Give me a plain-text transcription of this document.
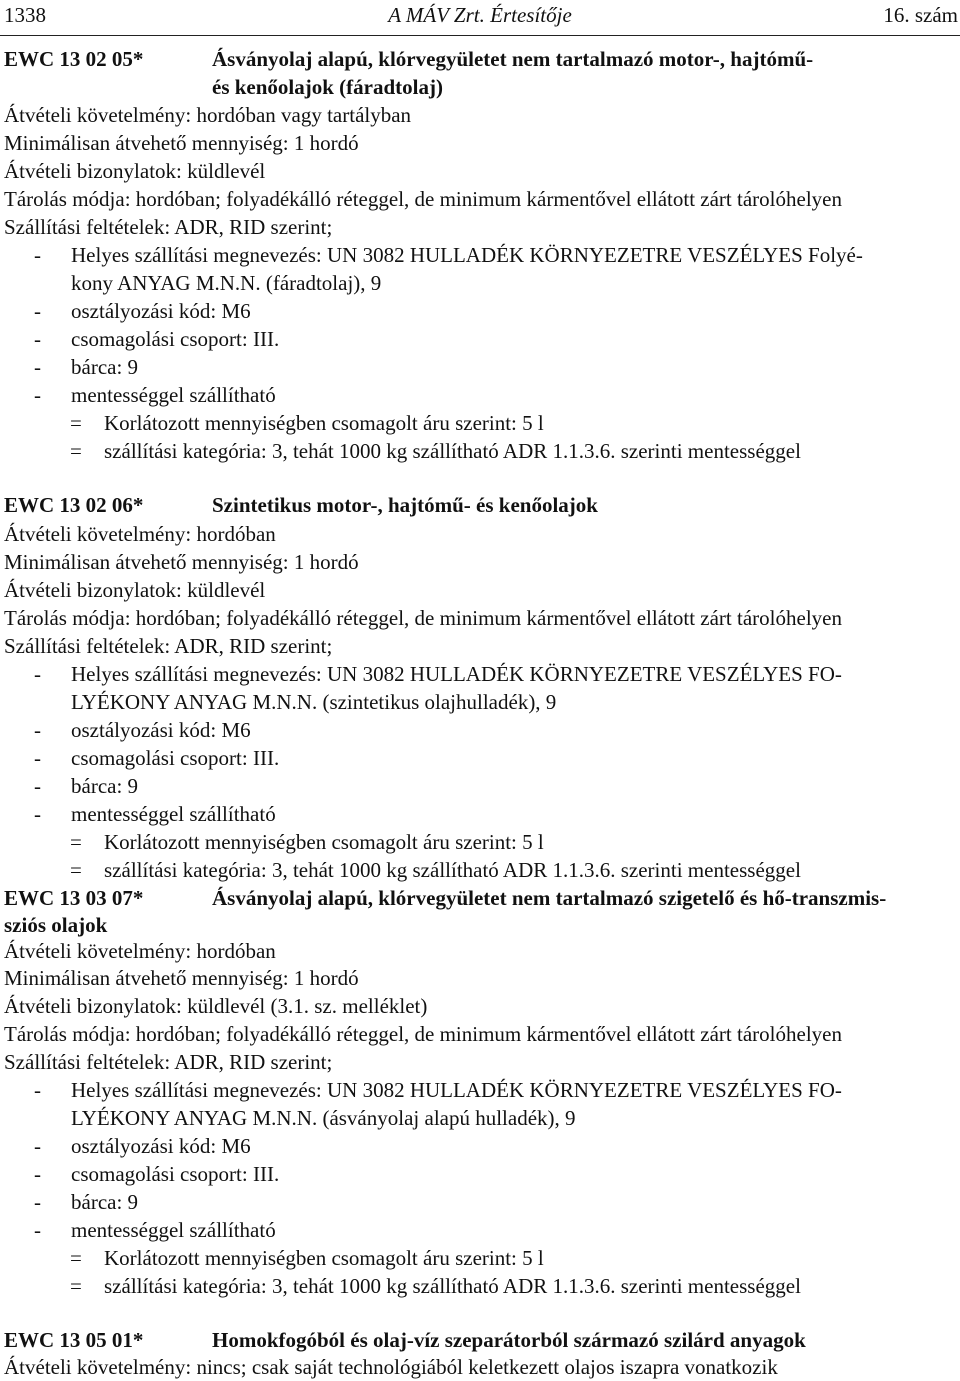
1338	A MÁV Zrt. Értesítője	16. szám
EWC 13 02 05*	Ásványolaj alapú, klórvegyületet nem tartalmazó motor-, hajtómű-
és kenőolajok (fáradtolaj)
Átvételi követelmény: hordóban vagy tartályban
Minimálisan átvehető mennyiség: 1 hordó
Átvételi bizonylatok: küldlevél
Tárolás módja: hordóban; folyadékálló réteggel, de minimum kármentővel ellátott zárt tárolóhelyen
Szállítási feltételek: ADR, RID szerint;
- Helyes szállítási megnevezés: UN 3082 HULLADÉK KÖRNYEZETRE VESZÉLYES Folyé-
kony ANYAG M.N.N. (fáradtolaj), 9
- osztályozási kód: M6
- csomagolási csoport: III.
- bárca: 9
- mentességgel szállítható
= Korlátozott mennyiségben csomagolt áru szerint: 5 l
= szállítási kategória: 3, tehát 1000 kg szállítható ADR 1.1.3.6. szerinti mentességgel
EWC 13 02 06*	Szintetikus motor-, hajtómű- és kenőolajok
Átvételi követelmény: hordóban
Minimálisan átvehető mennyiség: 1 hordó
Átvételi bizonylatok: küldlevél
Tárolás módja: hordóban; folyadékálló réteggel, de minimum kármentővel ellátott zárt tárolóhelyen
Szállítási feltételek: ADR, RID szerint;
- Helyes szállítási megnevezés: UN 3082 HULLADÉK KÖRNYEZETRE VESZÉLYES FO-
LYÉKONY ANYAG M.N.N. (szintetikus olajhulladék), 9
- osztályozási kód: M6
- csomagolási csoport: III.
- bárca: 9
- mentességgel szállítható
= Korlátozott mennyiségben csomagolt áru szerint: 5 l
= szállítási kategória: 3, tehát 1000 kg szállítható ADR 1.1.3.6. szerinti mentességgel
EWC 13 03 07*	Ásványolaj alapú, klórvegyületet nem tartalmazó szigetelő és hő-transzmis-
sziós olajok
Átvételi követelmény: hordóban
Minimálisan átvehető mennyiség: 1 hordó
Átvételi bizonylatok: küldlevél (3.1. sz. melléklet)
Tárolás módja: hordóban; folyadékálló réteggel, de minimum kármentővel ellátott zárt tárolóhelyen
Szállítási feltételek: ADR, RID szerint;
- Helyes szállítási megnevezés: UN 3082 HULLADÉK KÖRNYEZETRE VESZÉLYES FO-
LYÉKONY ANYAG M.N.N. (ásványolaj alapú hulladék), 9
- osztályozási kód: M6
- csomagolási csoport: III.
- bárca: 9
- mentességgel szállítható
= Korlátozott mennyiségben csomagolt áru szerint: 5 l
= szállítási kategória: 3, tehát 1000 kg szállítható ADR 1.1.3.6. szerinti mentességgel
EWC 13 05 01*	Homokfogóból és olaj-víz szeparátorból származó szilárd anyagok
Átvételi követelmény: nincs; csak saját technológiából keletkezett olajos iszapra vonatkozik
